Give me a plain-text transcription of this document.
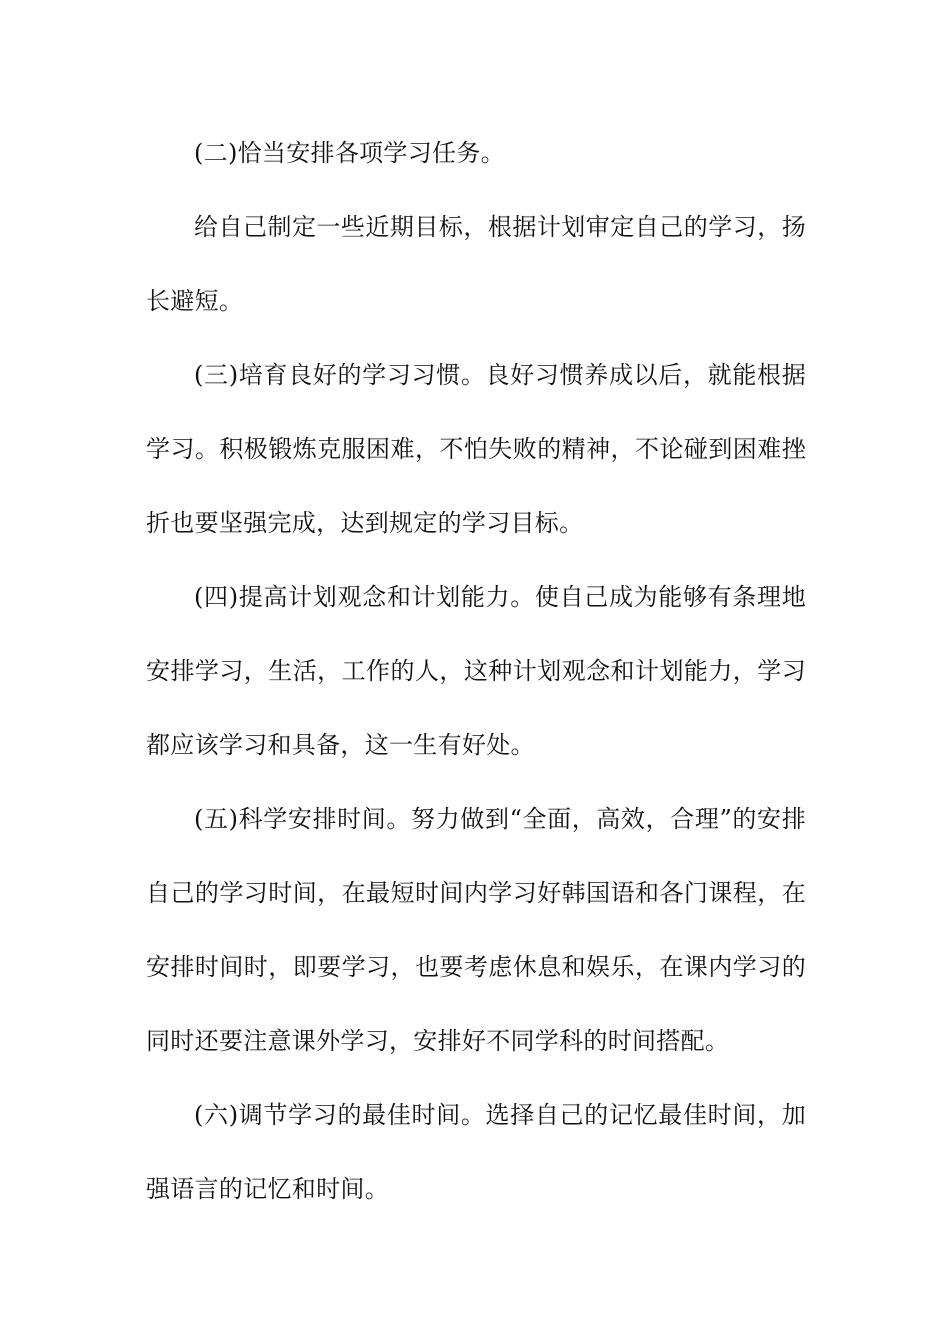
(二)恰当安排各项学习任务。

给自己制定一些近期目标，根据计划审定自己的学习，扬长避短。

(三)培育良好的学习习惯。良好习惯养成以后，就能根据学习。积极锻炼克服困难，不怕失败的精神，不论碰到困难挫折也要坚强完成，达到规定的学习目标。

(四)提高计划观念和计划能力。使自己成为能够有条理地安排学习，生活，工作的人，这种计划观念和计划能力，学习都应该学习和具备，这一生有好处。

(五)科学安排时间。努力做到“全面，高效，合理”的安排自己的学习时间，在最短时间内学习好韩国语和各门课程，在安排时间时，即要学习，也要考虑休息和娱乐，在课内学习的同时还要注意课外学习，安排好不同学科的时间搭配。

(六)调节学习的最佳时间。选择自己的记忆最佳时间，加强语言的记忆和时间。
